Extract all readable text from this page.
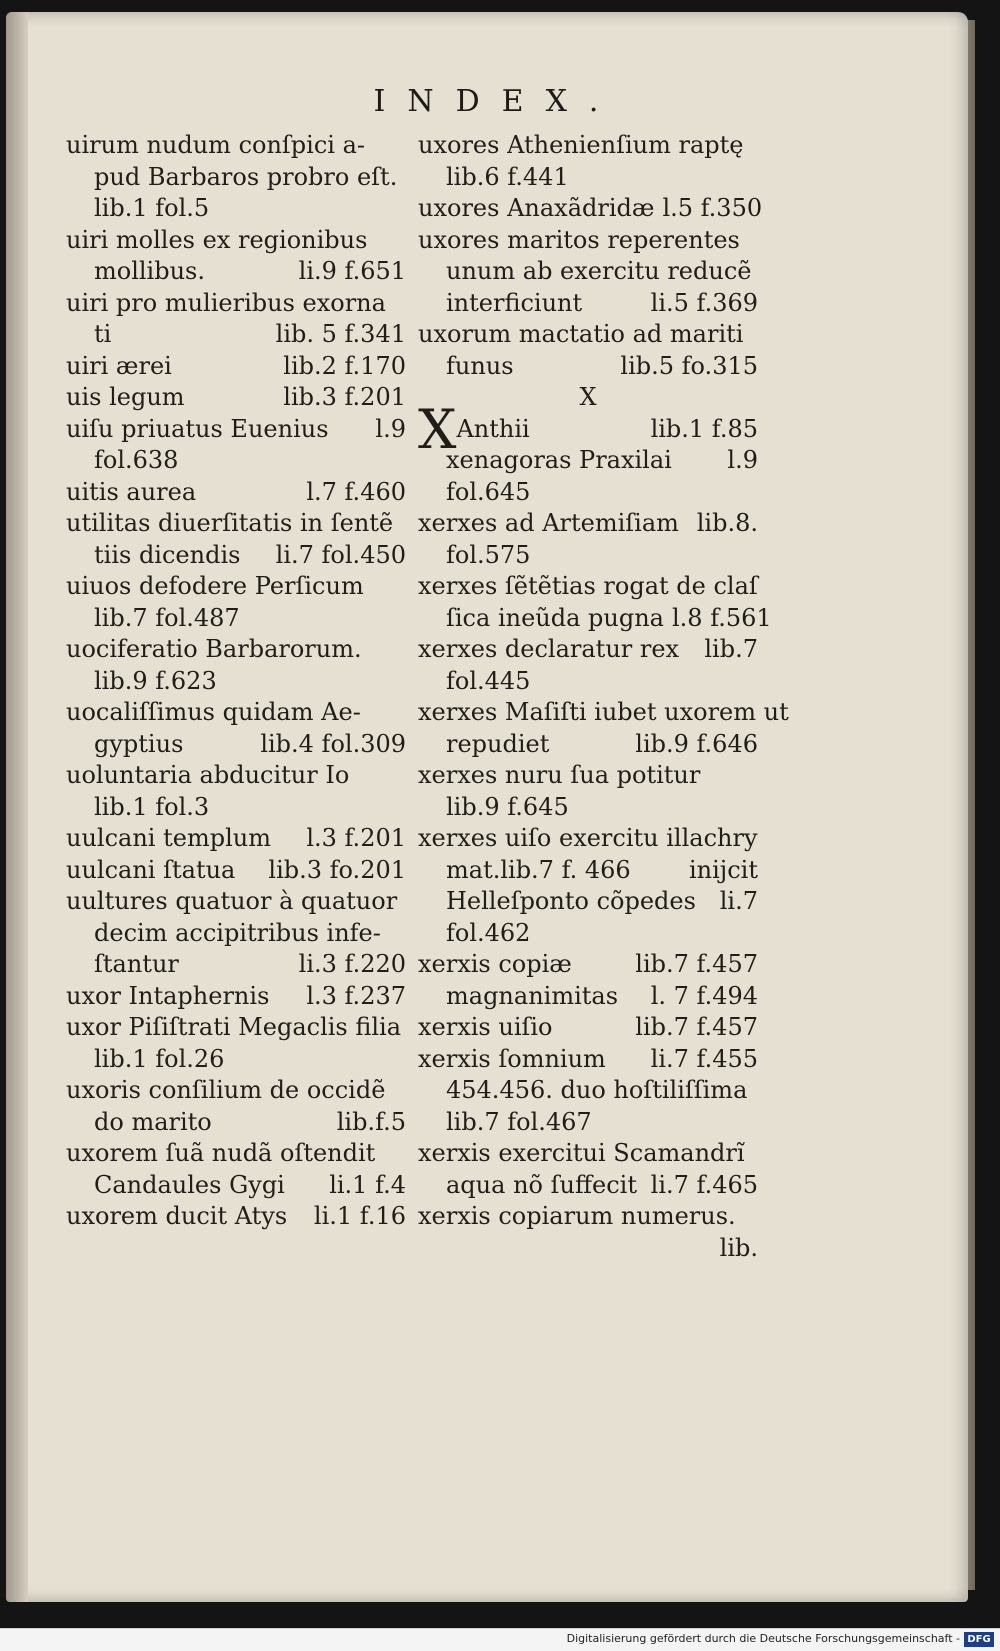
INDEX.
uirum nudum conſpici a-
pud Barbaros probro eſt.
lib.1 fol.5
uiri molles ex regionibus
mollibus.	li.9 f.651
uiri pro mulieribus exorna
ti	lib. 5 f.341
uiri ærei	lib.2 f.170
uis legum	lib.3 f.201
uiſu priuatus Euenius l.9
fol.638
uitis aurea	l.7 f.460
utilitas diuerſitatis in ſentẽ
tiis dicendis li.7 fol.450
uiuos defodere Perſicum
lib.7 fol.487
uociferatio Barbarorum.
lib.9 f.623
uocaliſſimus quidam Ae-
gyptius	lib.4 fol.309
uoluntaria abducitur Io
lib.1 fol.3
uulcani templum l.3 f.201
uulcani ſtatua lib.3 fo.201
uultures quatuor à quatuor
decim accipitribus infe-
ſtantur	li.3 f.220
uxor Intaphernis l.3 f.237
uxor Piſiſtrati Megaclis filia
lib.1 fol.26
uxoris conſilium de occidẽ
do marito	lib.f.5
uxorem ſuã nudã oſtendit
Candaules Gygi li.1 f.4
uxorem ducit Atys li.1 f.16
uxores Athenienſium raptę
lib.6 f.441
uxores Anaxãdridæ l.5 f.350
uxores maritos reperentes
unum ab exercitu reducẽ
interficiunt	li.5 f.369
uxorum mactatio ad mariti
funus	lib.5 fo.315
X
XAnthii	lib.1 f.85
xenagoras Praxilai l.9
fol.645
xerxes ad Artemiſiam lib.8.
fol.575
xerxes ſẽtẽtias rogat de claſ
ſica ineũda pugna l.8 f.561
xerxes declaratur rex lib.7
fol.445
xerxes Maſiſti iubet uxorem ut
repudiet	lib.9 f.646
xerxes nuru ſua potitur
lib.9 f.645
xerxes uiſo exercitu illachry
mat.lib.7 f. 466 inijcit
Helleſponto cõpedes li.7
fol.462
xerxis copiæ	lib.7 f.457
magnanimitas l. 7 f.494
xerxis uiſio	lib.7 f.457
xerxis ſomnium li.7 f.455
454.456. duo hoſtiliſſima
lib.7 fol.467
xerxis exercitui Scamandrĩ
aqua nõ ſuffecit li.7 f.465
xerxis copiarum numerus.
lib.
Digitalisierung gefördert durch die Deutsche Forschungsgemeinschaft - DFG
